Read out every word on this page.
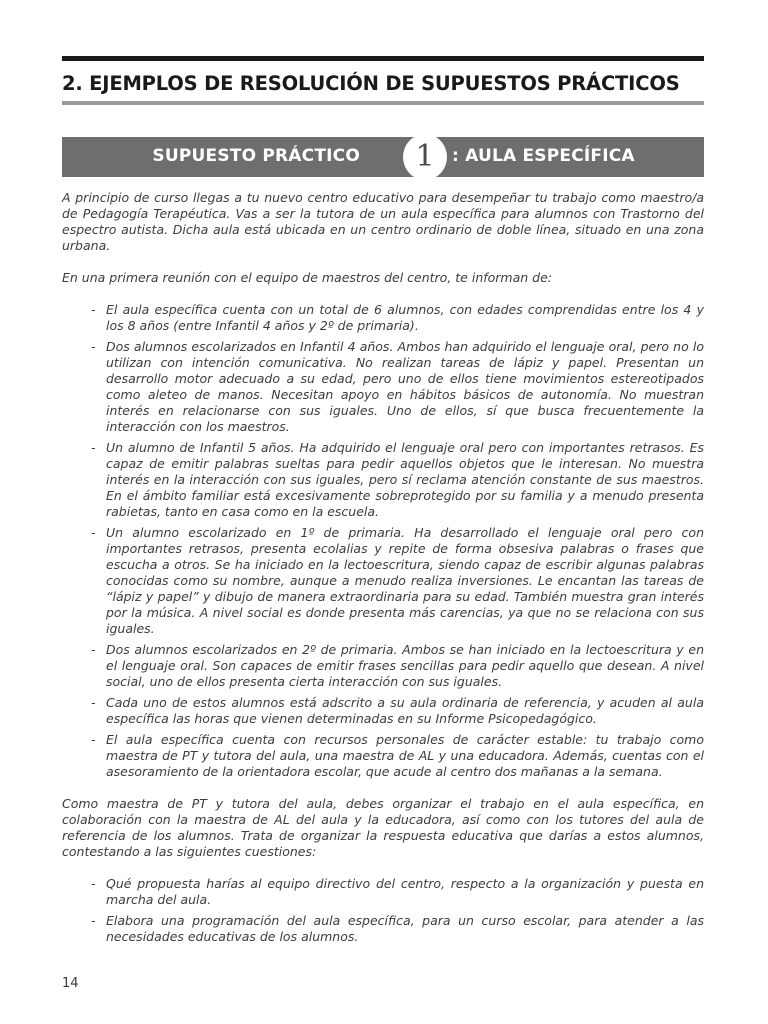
2. EJEMPLOS DE RESOLUCIÓN DE SUPUESTOS PRÁCTICOS
SUPUESTO PRÁCTICO	1	: AULA ESPECÍFICA

A principio de curso llegas a tu nuevo centro educativo para desempeñar tu trabajo como maestro/a de Pedagogía Terapéutica. Vas a ser la tutora de un aula específica para alumnos con Trastorno del espectro autista. Dicha aula está ubicada en un centro ordinario de doble línea, situado en una zona urbana.

En una primera reunión con el equipo de maestros del centro, te informan de:

- El aula específica cuenta con un total de 6 alumnos, con edades comprendidas entre los 4 y los 8 años (entre Infantil 4 años y 2º de primaria).
- Dos alumnos escolarizados en Infantil 4 años. Ambos han adquirido el lenguaje oral, pero no lo utilizan con intención comunicativa. No realizan tareas de lápiz y papel. Presentan un desarrollo motor adecuado a su edad, pero uno de ellos tiene movimientos estereotipados como aleteo de manos. Necesitan apoyo en hábitos básicos de autonomía. No muestran interés en relacionarse con sus iguales. Uno de ellos, sí que busca frecuentemente la interacción con los maestros.
- Un alumno de Infantil 5 años. Ha adquirido el lenguaje oral pero con importantes retrasos. Es capaz de emitir palabras sueltas para pedir aquellos objetos que le interesan. No muestra interés en la interacción con sus iguales, pero sí reclama atención constante de sus maestros. En el ámbito familiar está excesivamente sobreprotegido por su familia y a menudo presenta rabietas, tanto en casa como en la escuela.
- Un alumno escolarizado en 1º de primaria. Ha desarrollado el lenguaje oral pero con importantes retrasos, presenta ecolalias y repite de forma obsesiva palabras o frases que escucha a otros. Se ha iniciado en la lectoescritura, siendo capaz de escribir algunas palabras conocidas como su nombre, aunque a menudo realiza inversiones. Le encantan las tareas de “lápiz y papel” y dibujo de manera extraordinaria para su edad. También muestra gran interés por la música. A nivel social es donde presenta más carencias, ya que no se relaciona con sus iguales.
- Dos alumnos escolarizados en 2º de primaria. Ambos se han iniciado en la lectoescritura y en el lenguaje oral. Son capaces de emitir frases sencillas para pedir aquello que desean. A nivel social, uno de ellos presenta cierta interacción con sus iguales.
- Cada uno de estos alumnos está adscrito a su aula ordinaria de referencia, y acuden al aula específica las horas que vienen determinadas en su Informe Psicopedagógico.
- El aula específica cuenta con recursos personales de carácter estable: tu trabajo como maestra de PT y tutora del aula, una maestra de AL y una educadora. Además, cuentas con el asesoramiento de la orientadora escolar, que acude al centro dos mañanas a la semana.

Como maestra de PT y tutora del aula, debes organizar el trabajo en el aula específica, en colaboración con la maestra de AL del aula y la educadora, así como con los tutores del aula de referencia de los alumnos. Trata de organizar la respuesta educativa que darías a estos alumnos, contestando a las siguientes cuestiones:

- Qué propuesta harías al equipo directivo del centro, respecto a la organización y puesta en marcha del aula.
- Elabora una programación del aula específica, para un curso escolar, para atender a las necesidades educativas de los alumnos.
14
